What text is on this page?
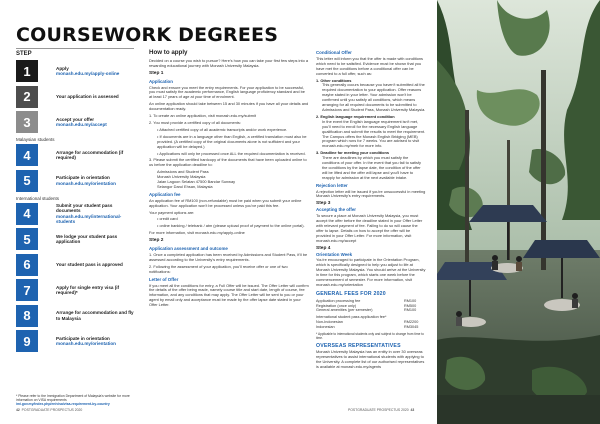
COURSEWORK DEGREES
STEP
1	Apply
monash.edu.my/apply-online
2	Your application is assessed
3	Accept your offer
monash.edu.my/accept
Malaysian students
4	Arrange for accommodation (if required)
5	Participate in orientation
monash.edu.my/orientation
International students
4
Submit your student pass documents
monash.edu.my/international-students
5	We lodge your student pass application
6	Your student pass is approved
7	Apply for single entry visa (if required)*
8	Arrange for accommodation and fly to Malaysia
9	Participate in orientation
monash.edu.my/orientation
* Please refer to the Immigration Department of Malaysia's website for more information on VISA requirements
imi.gov.my/index.php/en/visa/visa-requirement-by-country
How to apply

Decided on a course you wish to pursue? Here's how you can take your first few steps into a rewarding educational journey with Monash University Malaysia.

Step 1
Application

Check and ensure you meet the entry requirements. For your application to be successful, you must satisfy the academic performance, English language proficiency standard and be at least 17 years of age at your time of enrolment.

An online application should take between 15 and 30 minutes if you have all your details and documentation ready.

1. To create an online application, visit monash.edu.my/submit

2. You must provide a certified copy of all documents:

• Attached certified copy of all academic transcripts and/or work experience.

• If documents are in a language other than English, a certified translation must also be provided. (A certified copy of the original documents alone is not sufficient and your application will be delayed.)

• Applications will only be processed once ALL the required documentation is received.

3. Please submit the certified hardcopy of the documents that have been uploaded online to us before the application deadline to:

Admissions and Student Pass

Monash University Malaysia

Jalan Lagoon Selatan 47500 Bandar Sunway

Selangor Darul Ehsan, Malaysia

Application fee

An application fee of RM100 (non-refundable) must be paid when you submit your online application. Your application won't be processed unless you've paid this fee.

Your payment options are:

• credit card

• online banking / telebank / atm (please upload proof of payment to the online portal).

For more information, visit monash.edu.my/apply-online

Step 2
Application assessment and outcome

1. Once a completed application has been received by Admissions and Student Pass, it'll be assessed according to the University's entry requirements.

2. Following the assessment of your application, you'll receive offer or one of two notifications:

Letter of Offer

If you meet all the conditions for entry, a Full Offer will be issued. The Offer Letter will confirm the details of the offer being made, namely course title and start date, length of course, fee information, and any conditions that may apply. The Offer Letter will be sent to you or your agent by email only and acceptance must be made by the offer lapse date stated in your Offer Letter.

Conditional Offer

This letter will inform you that the offer is made with conditions which need to be satisfied. Evidence must be shown that you have met the conditions before a conditional offer can be converted to a full offer, such as:

1. Other conditions

This generally occurs because you haven't submitted all the required documentation to your application. Offer reasons maybe stated in your letter. Your admission won't be confirmed until you satisfy all conditions, which means arranging for all required documents to be submitted to Admissions and Student Pass, Monash University Malaysia.

2. English language requirement condition

In the event the English language requirement isn't met, you'll need to enroll for the necessary English language qualification and submit the results to meet the requirement. The Campus offers the Monash English Bridging (MEB) program which runs for 7 weeks. You are advised to visit monash.edu.my/meb for more info.

3. Deadline for meeting your conditions

There are deadlines by which you must satisfy the conditions of your offer. In the event that you fail to satisfy the conditions by the lapse date, the condition of the offer will be lifted and the offer will lapse and you'll have to reapply for admission at the next available intake.

Rejection letter

A rejection letter will be issued if you're unsuccessful in meeting Monash University's entry requirements.

Step 3
Accepting the offer

To secure a place at Monash University Malaysia, you must accept the offer before the deadline stated in your Offer Letter with relevant payment of fee. Failing to do so will cause the offer to lapse. Details on how to accept the offer will be provided in your Offer Letter. For more information, visit monash.edu.my/accept

Step 4
Orientation Week

You're encouraged to participate in the Orientation Program, which is specifically designed to help you adjust to life at Monash University Malaysia. You should arrive at the University in time for this program, which starts one week before the commencement of semester. For more information, visit monash.edu.my/orientation

GENERAL FEES FOR 2020
Application processing fee	RM100
Registration (once only)	RM500
General amenities (per semester)	RM100
International student pass application fee*	
Non-Indonesian	RM2200
Indonesian	RM3045

* Applicable to international students only and subject to change from time to time.

OVERSEAS REPRESENTATIVES

Monash University Malaysia has an entity in over 30 overseas representatives to assist international students with applying to the University. A complete list of our authorised representatives is available at monash.edu.my/agents

42 POSTGRADUATE PROSPECTUS 2020	POSTGRADUATE PROSPECTUS 2020 43
